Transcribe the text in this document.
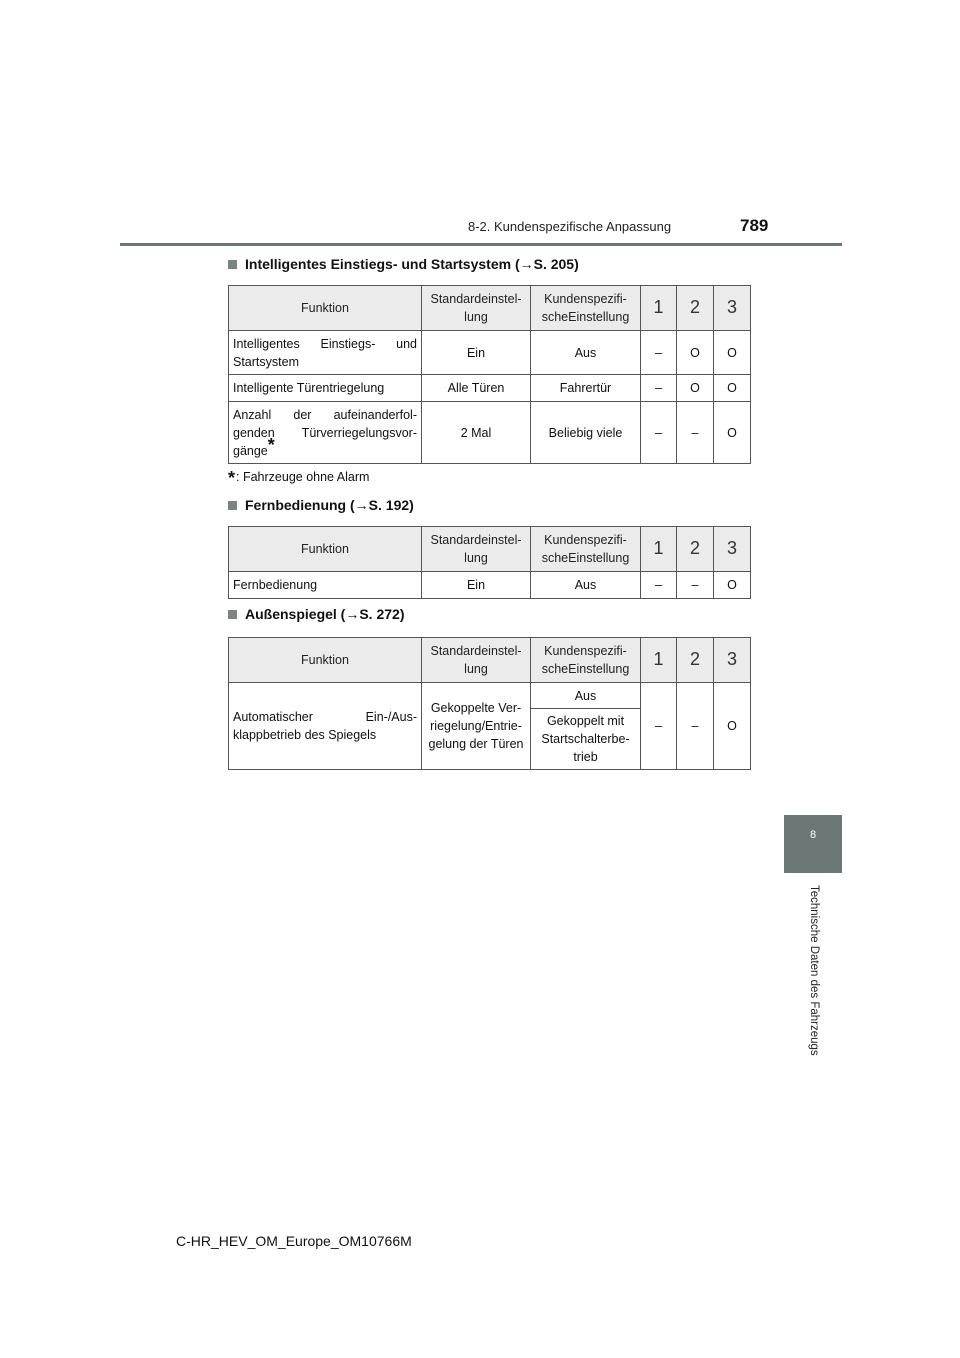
8-2. Kundenspezifische Anpassung	789
8
Technische Daten des Fahrzeugs
Intelligentes Einstiegs- und Startsystem (→S. 205)
Funktion	Standardeinstel-lung	Kundenspezifi-scheEinstellung	1	2	3
Intelligentes Einstiegs- und Startsystem	Ein	Aus	–	O	O
Intelligente Türentriegelung	Alle Türen	Fahrertür	–	O	O
Anzahl der aufeinanderfol-genden Türverriegelungsvor-gänge*	2 Mal	Beliebig viele	–	–	O
*: Fahrzeuge ohne Alarm
Fernbedienung (→S. 192)
Funktion	Standardeinstel-lung	Kundenspezifi-scheEinstellung	1	2	3
Fernbedienung	Ein	Aus	–	–	O
Außenspiegel (→S. 272)
Funktion	Standardeinstel-lung	Kundenspezifi-scheEinstellung	1	2	3
Automatischer Ein-/Aus-klappbetrieb des Spiegels	Gekoppelte Ver-riegelung/Entrie-gelung der Türen	Aus	–	–	O
		Gekoppelt mit Startschalterbe-trieb			
C-HR_HEV_OM_Europe_OM10766M
